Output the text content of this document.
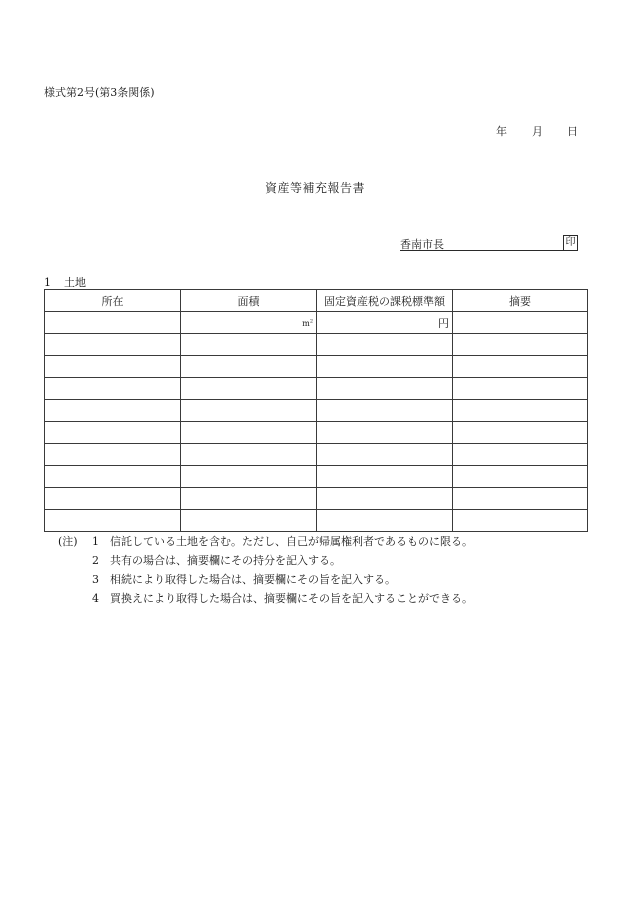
様式第2号(第3条関係)
年 月 日
資産等補充報告書
香南市長	印
1 土地
所在	面積	固定資産税の課税標準額	摘要
	$m^2$	円	

(注) 1 信託している土地を含む。ただし、自己が帰属権利者であるものに限る。
2 共有の場合は、摘要欄にその持分を記入する。
3 相続により取得した場合は、摘要欄にその旨を記入する。
4 買換えにより取得した場合は、摘要欄にその旨を記入することができる。
